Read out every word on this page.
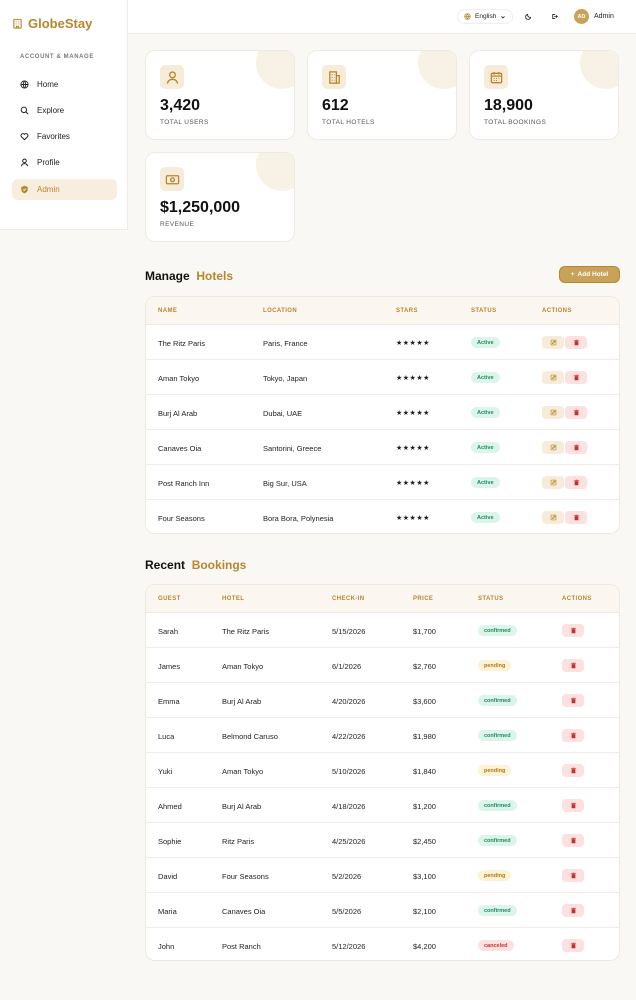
GlobeStay
ACCOUNT & MANAGE
Home
Explore
Favorites
Profile
Admin
English	AD	Admin
3,420
TOTAL USERS
612
TOTAL HOTELS
18,900
TOTAL BOOKINGS
$1,250,000
REVENUE
Manage Hotels	+ Add Hotel
NAME	LOCATION	STARS	STATUS	ACTIONS
The Ritz Paris	Paris, France	★★★★★	Active
Aman Tokyo	Tokyo, Japan	★★★★★	Active
Burj Al Arab	Dubai, UAE	★★★★★	Active
Canaves Oia	Santorini, Greece	★★★★★	Active
Post Ranch Inn	Big Sur, USA	★★★★★	Active
Four Seasons	Bora Bora, Polynesia	★★★★★	Active
Recent Bookings
GUEST	HOTEL	CHECK-IN	PRICE	STATUS	ACTIONS
Sarah	The Ritz Paris	5/15/2026	$1,700	confirmed
James	Aman Tokyo	6/1/2026	$2,760	pending
Emma	Burj Al Arab	4/20/2026	$3,600	confirmed
Luca	Belmond Caruso	4/22/2026	$1,980	confirmed
Yuki	Aman Tokyo	5/10/2026	$1,840	pending
Ahmed	Burj Al Arab	4/18/2026	$1,200	confirmed
Sophie	Ritz Paris	4/25/2026	$2,450	confirmed
David	Four Seasons	5/2/2026	$3,100	pending
Maria	Canaves Oia	5/5/2026	$2,100	confirmed
John	Post Ranch	5/12/2026	$4,200	canceled
